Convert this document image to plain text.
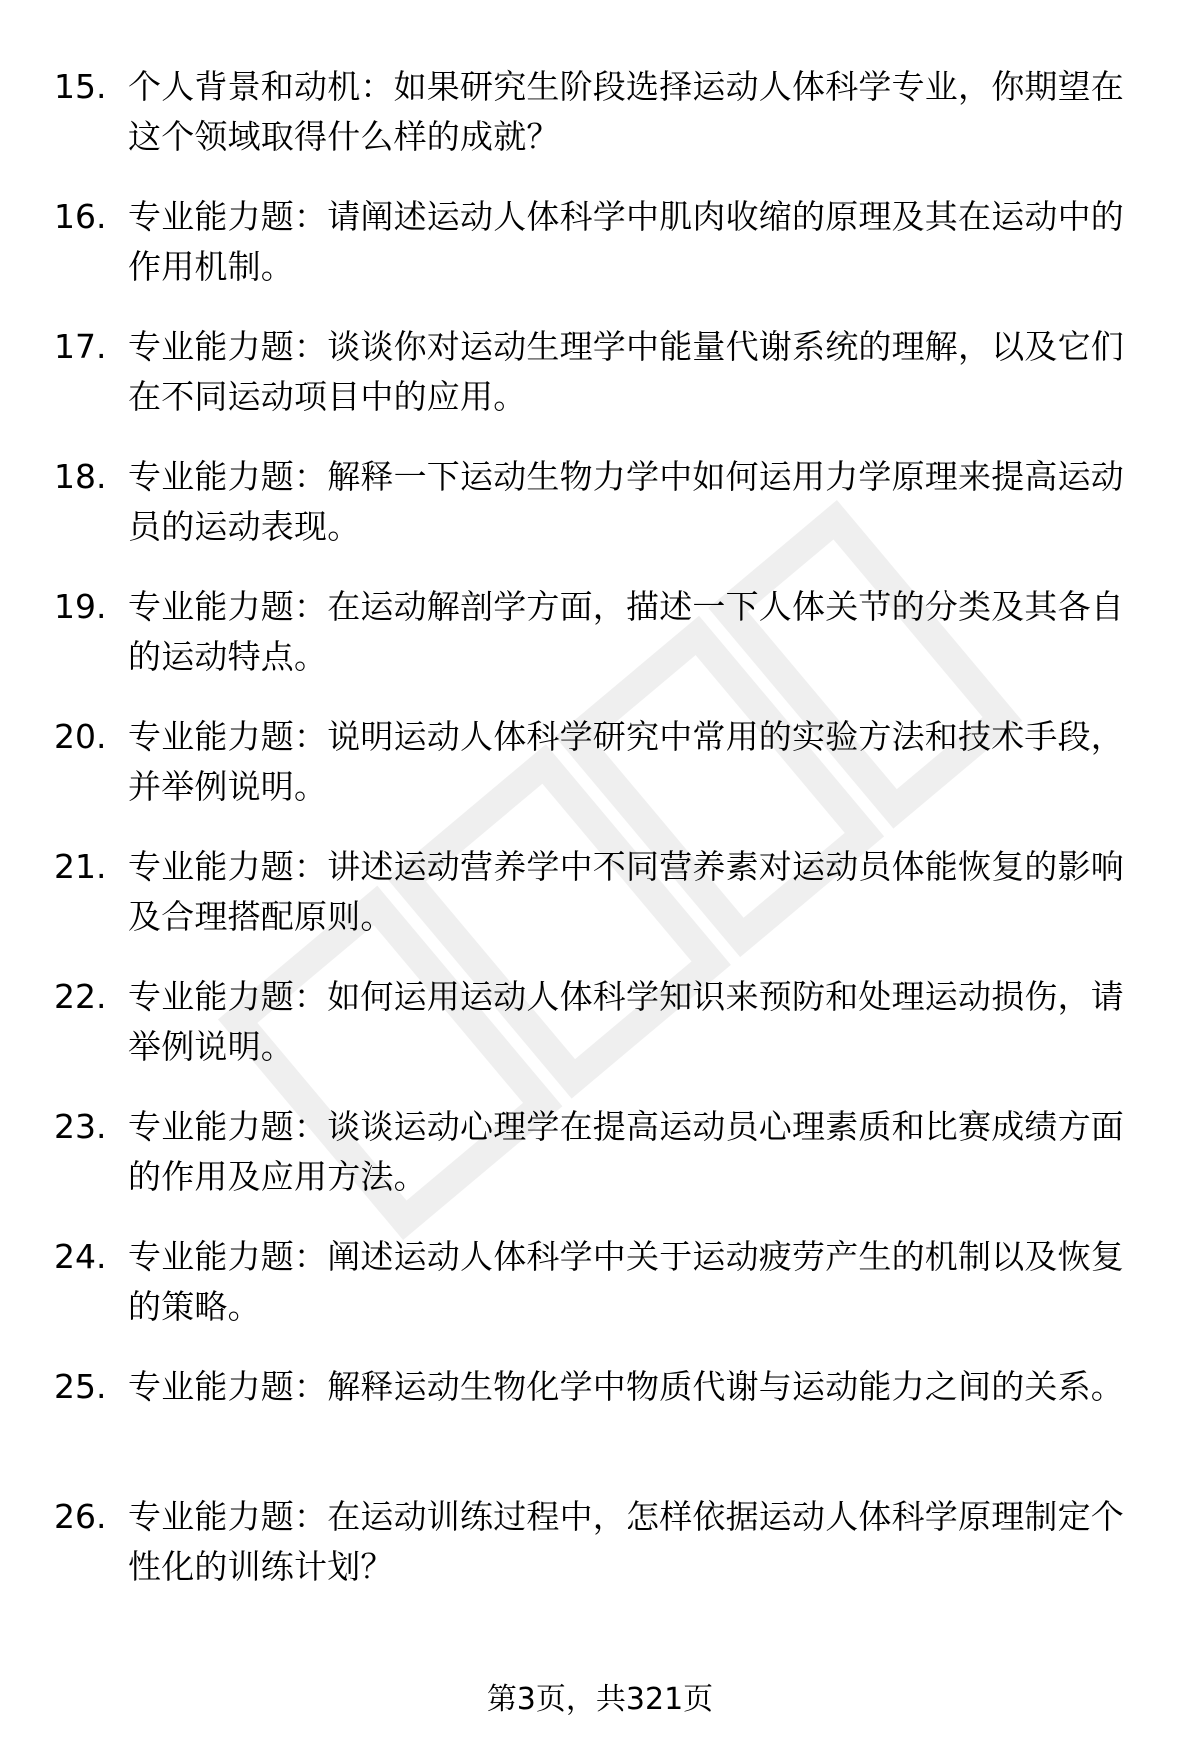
15. 个人背景和动机：如果研究生阶段选择运动人体科学专业，你期望在这个领域取得什么样的成就？
16. 专业能力题：请阐述运动人体科学中肌肉收缩的原理及其在运动中的作用机制。
17. 专业能力题：谈谈你对运动生理学中能量代谢系统的理解，以及它们在不同运动项目中的应用。
18. 专业能力题：解释一下运动生物力学中如何运用力学原理来提高运动员的运动表现。
19. 专业能力题：在运动解剖学方面，描述一下人体关节的分类及其各自的运动特点。
20. 专业能力题：说明运动人体科学研究中常用的实验方法和技术手段，并举例说明。
21. 专业能力题：讲述运动营养学中不同营养素对运动员体能恢复的影响及合理搭配原则。
22. 专业能力题：如何运用运动人体科学知识来预防和处理运动损伤，请举例说明。
23. 专业能力题：谈谈运动心理学在提高运动员心理素质和比赛成绩方面的作用及应用方法。
24. 专业能力题：阐述运动人体科学中关于运动疲劳产生的机制以及恢复的策略。
25. 专业能力题：解释运动生物化学中物质代谢与运动能力之间的关系。
26. 专业能力题：在运动训练过程中，怎样依据运动人体科学原理制定个性化的训练计划？
第3页，共321页
